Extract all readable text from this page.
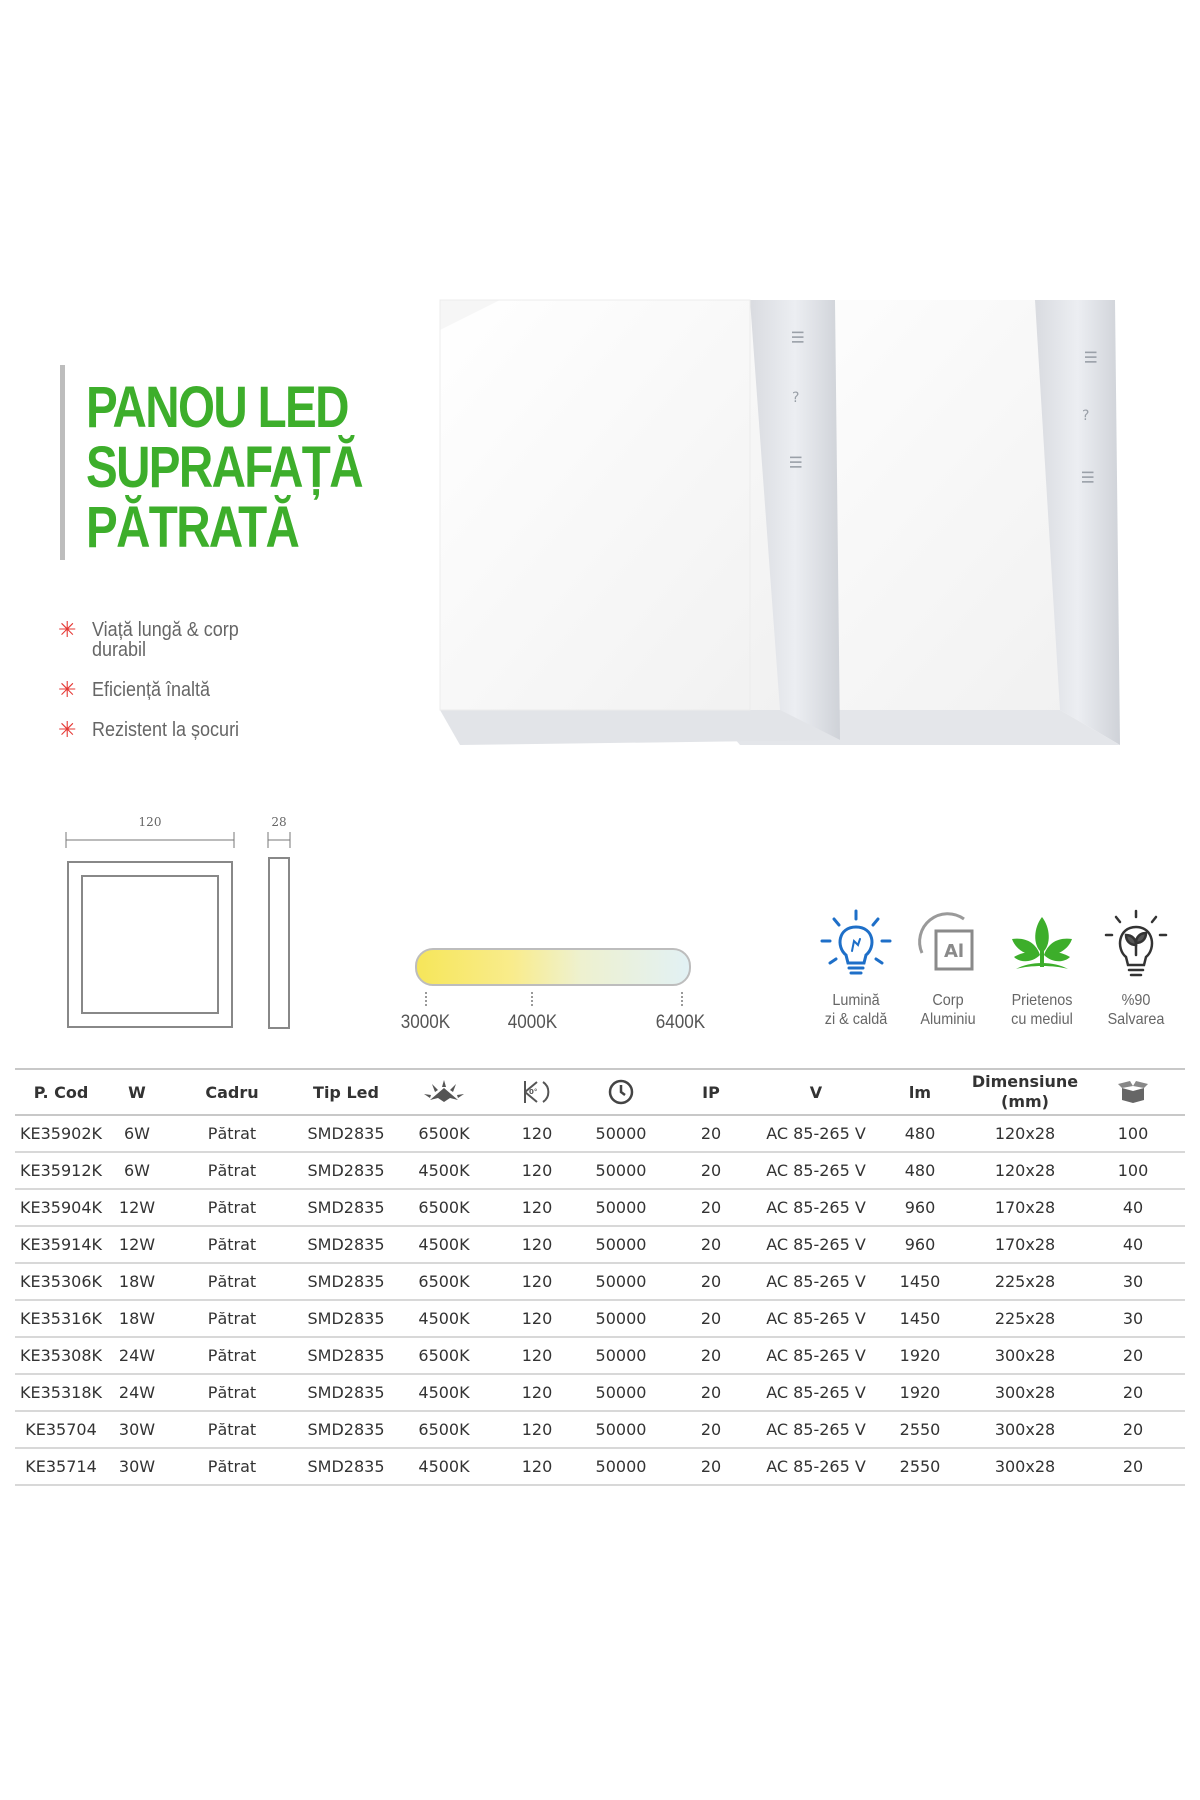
PANOU LED
SUPRAFAȚĂ
PĂTRATĂ
✳ Viață lungă & corp durabil
✳ Eficiență înaltă
✳ Rezistent la șocuri
III
?
III
III
?
III
120	28
3000K	4000K	6400K
Lumină
zi & caldă
Al
Corp
Aluminiu
Prietenos
cu mediul
%90
Salvarea
P. Cod	W	Cadru	Tip Led		0°		IP	V	lm	Dimensiune
(mm)	

KE35902K	6W	Pătrat	SMD2835	6500K	120	50000	20	AC 85-265 V	480	120x28	100
KE35912K	6W	Pătrat	SMD2835	4500K	120	50000	20	AC 85-265 V	480	120x28	100
KE35904K	12W	Pătrat	SMD2835	6500K	120	50000	20	AC 85-265 V	960	170x28	40
KE35914K	12W	Pătrat	SMD2835	4500K	120	50000	20	AC 85-265 V	960	170x28	40
KE35306K	18W	Pătrat	SMD2835	6500K	120	50000	20	AC 85-265 V	1450	225x28	30
KE35316K	18W	Pătrat	SMD2835	4500K	120	50000	20	AC 85-265 V	1450	225x28	30
KE35308K	24W	Pătrat	SMD2835	6500K	120	50000	20	AC 85-265 V	1920	300x28	20
KE35318K	24W	Pătrat	SMD2835	4500K	120	50000	20	AC 85-265 V	1920	300x28	20
KE35704	30W	Pătrat	SMD2835	6500K	120	50000	20	AC 85-265 V	2550	300x28	20
KE35714	30W	Pătrat	SMD2835	4500K	120	50000	20	AC 85-265 V	2550	300x28	20
